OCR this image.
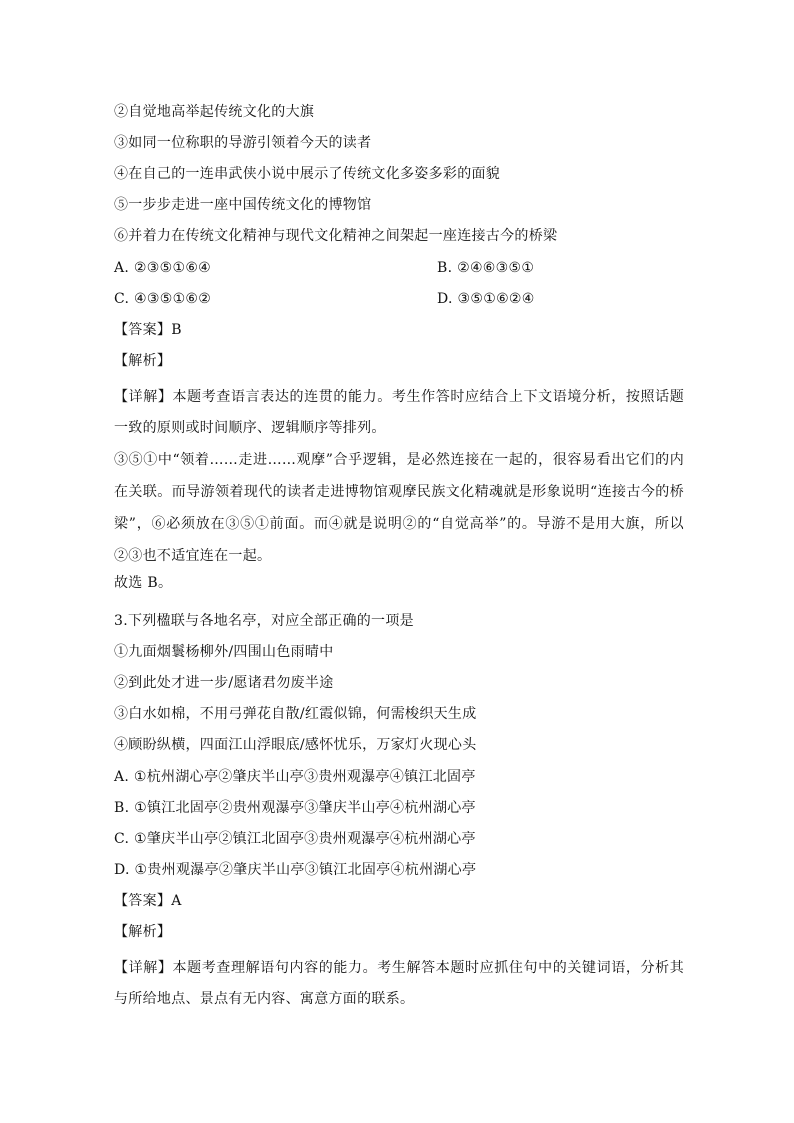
②自觉地高举起传统文化的大旗
③如同一位称职的导游引领着今天的读者
④在自己的一连串武侠小说中展示了传统文化多姿多彩的面貌
⑤一步步走进一座中国传统文化的博物馆
⑥并着力在传统文化精神与现代文化精神之间架起一座连接古今的桥梁
A. ②③⑤①⑥④	B. ②④⑥③⑤①
C. ④③⑤①⑥②	D. ③⑤①⑥②④
【答案】B
【解析】
【详解】本题考查语言表达的连贯的能力。考生作答时应结合上下文语境分析，按照话题一致的原则或时间顺序、逻辑顺序等排列。
③⑤①中“领着……走进……观摩”合乎逻辑，是必然连接在一起的，很容易看出它们的内在关联。而导游领着现代的读者走进博物馆观摩民族文化精魂就是形象说明“连接古今的桥梁”，⑥必须放在③⑤①前面。而④就是说明②的“自觉高举”的。导游不是用大旗，所以②③也不适宜连在一起。
故选 B。
3.下列楹联与各地名亭，对应全部正确的一项是
①九面烟鬟杨柳外/四围山色雨晴中
②到此处才进一步/愿诸君勿废半途
③白水如棉，不用弓弹花自散/红霞似锦，何需梭织天生成
④顾盼纵横，四面江山浮眼底/感怀忧乐，万家灯火现心头
A. ①杭州湖心亭②肇庆半山亭③贵州观瀑亭④镇江北固亭
B. ①镇江北固亭②贵州观瀑亭③肇庆半山亭④杭州湖心亭
C. ①肇庆半山亭②镇江北固亭③贵州观瀑亭④杭州湖心亭
D. ①贵州观瀑亭②肇庆半山亭③镇江北固亭④杭州湖心亭
【答案】A
【解析】
【详解】本题考查理解语句内容的能力。考生解答本题时应抓住句中的关键词语，分析其与所给地点、景点有无内容、寓意方面的联系。
